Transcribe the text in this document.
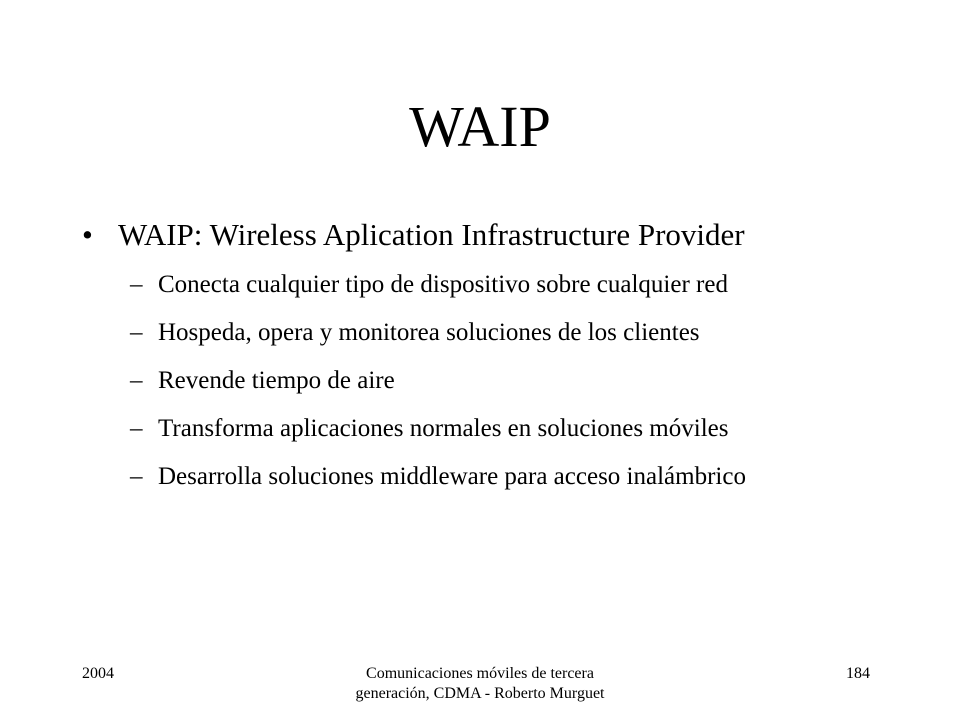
WAIP
• WAIP: Wireless Aplication Infrastructure Provider
– Conecta cualquier tipo de dispositivo sobre cualquier red
– Hospeda, opera y monitorea soluciones de los clientes
– Revende tiempo de aire
– Transforma aplicaciones normales en soluciones móviles
– Desarrolla soluciones middleware para acceso inalámbrico
2004	Comunicaciones móviles de tercera generación, CDMA - Roberto Murguet
184
